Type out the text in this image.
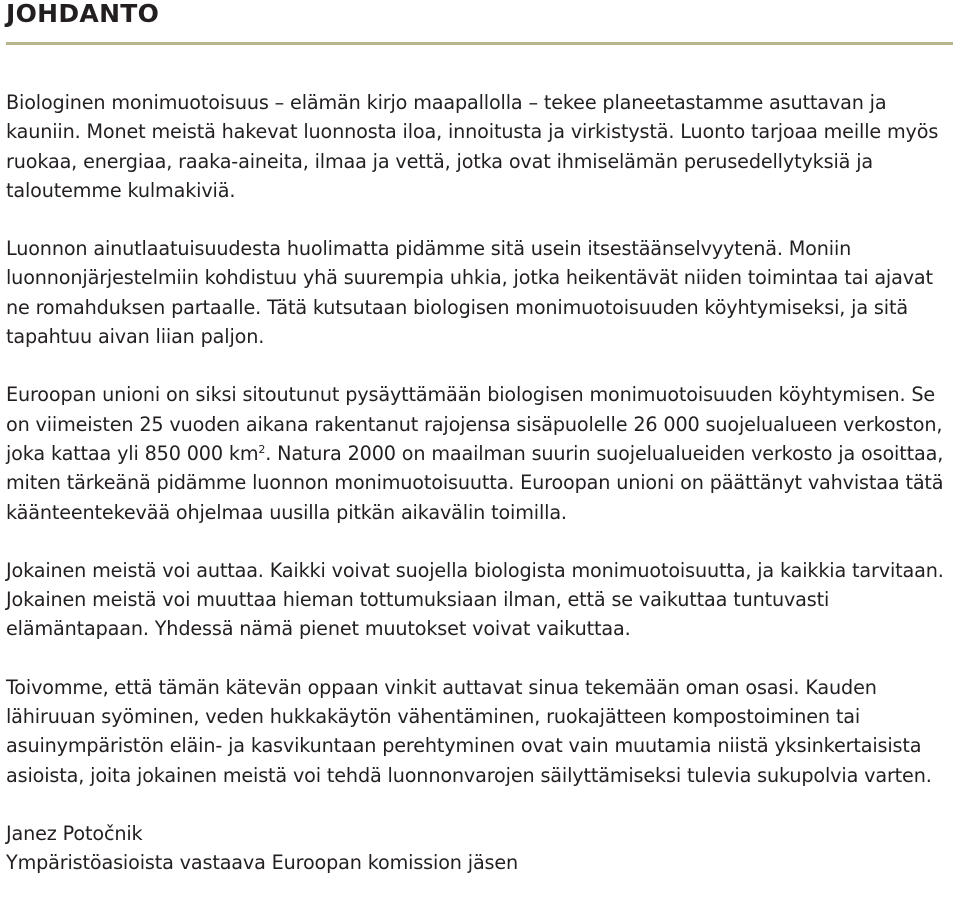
JOHDANTO

Biologinen monimuotoisuus – elämän kirjo maapallolla – tekee planeetastamme asuttavan ja kauniin. Monet meistä hakevat luonnosta iloa, innoitusta ja virkistystä. Luonto tarjoaa meille myös ruokaa, energiaa, raaka-aineita, ilmaa ja vettä, jotka ovat ihmiselämän perusedellytyksiä ja taloutemme kulmakiviä.

Luonnon ainutlaatuisuudesta huolimatta pidämme sitä usein itsestäänselvyytenä. Moniin luonnonjärjestelmiin kohdistuu yhä suurempia uhkia, jotka heikentävät niiden toimintaa tai ajavat ne romahduksen partaalle. Tätä kutsutaan biologisen monimuotoisuuden köyhtymiseksi, ja sitä tapahtuu aivan liian paljon.

Euroopan unioni on siksi sitoutunut pysäyttämään biologisen monimuotoisuuden köyhtymisen. Se on viimeisten 25 vuoden aikana rakentanut rajojensa sisäpuolelle 26 000 suojelualueen verkoston, joka kattaa yli 850 000 $km^2$. Natura 2000 on maailman suurin suojelualueiden verkosto ja osoittaa, miten tärkeänä pidämme luonnon monimuotoisuutta. Euroopan unioni on päättänyt vahvistaa tätä käänteentekevää ohjelmaa uusilla pitkän aikavälin toimilla.

Jokainen meistä voi auttaa. Kaikki voivat suojella biologista monimuotoisuutta, ja kaikkia tarvitaan. Jokainen meistä voi muuttaa hieman tottumuksiaan ilman, että se vaikuttaa tuntuvasti elämäntapaan. Yhdessä nämä pienet muutokset voivat vaikuttaa.

Toivomme, että tämän kätevän oppaan vinkit auttavat sinua tekemään oman osasi. Kauden lähiruuan syöminen, veden hukkakäytön vähentäminen, ruokajätteen kompostoiminen tai asuinympäristön eläin- ja kasvikuntaan perehtyminen ovat vain muutamia niistä yksinkertaisista asioista, joita jokainen meistä voi tehdä luonnonvarojen säilyttämiseksi tulevia sukupolvia varten.

Janez Potočnik
Ympäristöasioista vastaava Euroopan komission jäsen
